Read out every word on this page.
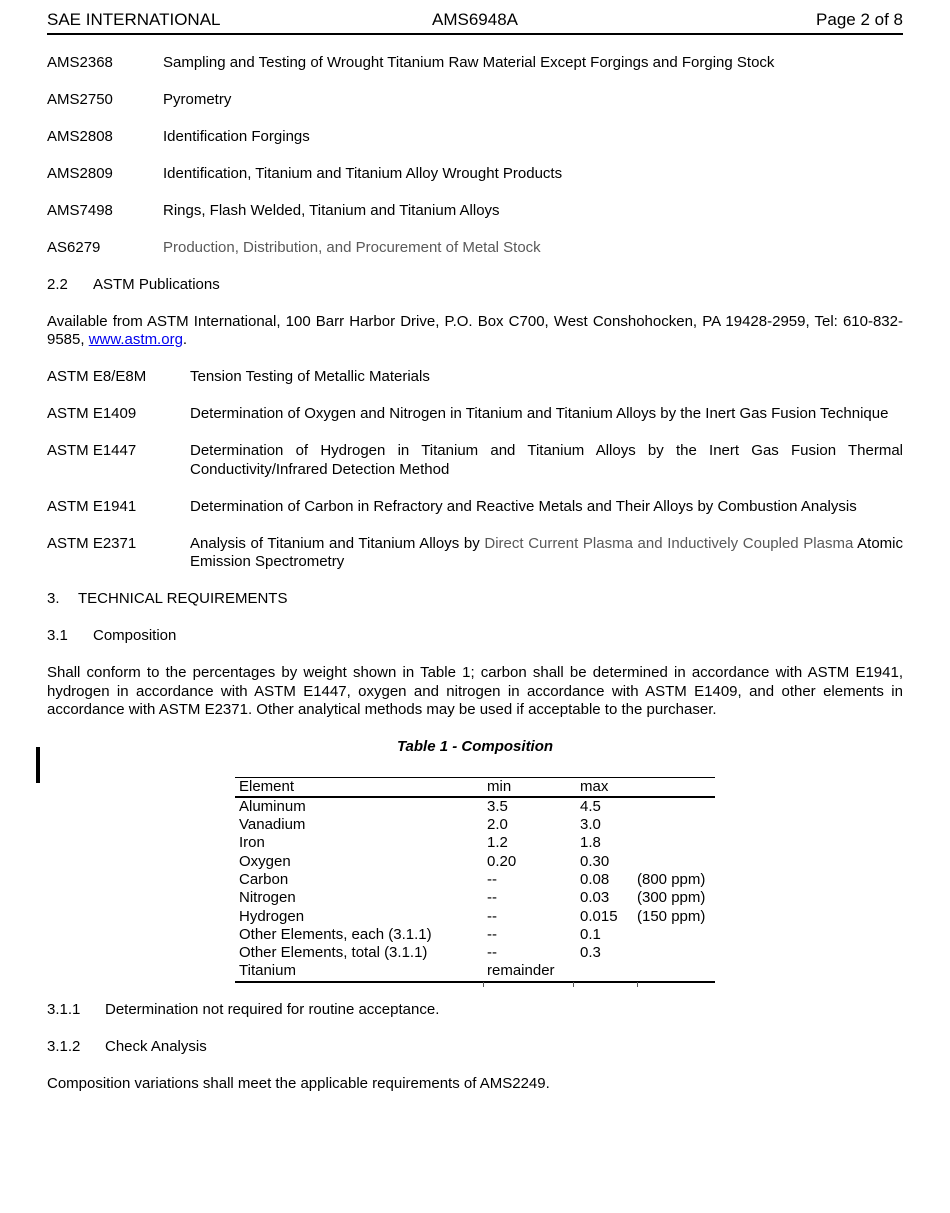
SAE INTERNATIONAL	AMS6948A	Page 2 of 8
AMS2368	Sampling and Testing of Wrought Titanium Raw Material Except Forgings and Forging Stock
AMS2750	Pyrometry
AMS2808	Identification Forgings
AMS2809	Identification, Titanium and Titanium Alloy Wrought Products
AMS7498	Rings, Flash Welded, Titanium and Titanium Alloys
AS6279	Production, Distribution, and Procurement of Metal Stock
2.2 ASTM Publications

Available from ASTM International, 100 Barr Harbor Drive, P.O. Box C700, West Conshohocken, PA 19428-2959, Tel: 610-832-9585, www.astm.org.

ASTM E8/E8M	Tension Testing of Metallic Materials
ASTM E1409	Determination of Oxygen and Nitrogen in Titanium and Titanium Alloys by the Inert Gas Fusion Technique
ASTM E1447	Determination of Hydrogen in Titanium and Titanium Alloys by the Inert Gas Fusion Thermal Conductivity/Infrared Detection Method
ASTM E1941	Determination of Carbon in Refractory and Reactive Metals and Their Alloys by Combustion Analysis
ASTM E2371	Analysis of Titanium and Titanium Alloys by Direct Current Plasma and Inductively Coupled Plasma Atomic Emission Spectrometry
3. TECHNICAL REQUIREMENTS
3.1 Composition

Shall conform to the percentages by weight shown in Table 1; carbon shall be determined in accordance with ASTM E1941, hydrogen in accordance with ASTM E1447, oxygen and nitrogen in accordance with ASTM E1409, and other elements in accordance with ASTM E2371. Other analytical methods may be used if acceptable to the purchaser.

Table 1 - Composition
Element	min	max	
Aluminum	3.5	4.5	
Vanadium	2.0	3.0	
Iron	1.2	1.8	
Oxygen	0.20	0.30	
Carbon	--	0.08	(800 ppm)
Nitrogen	--	0.03	(300 ppm)
Hydrogen	--	0.015	(150 ppm)
Other Elements, each (3.1.1)	--	0.1	
Other Elements, total (3.1.1)	--	0.3	
Titanium	remainder		
3.1.1 Determination not required for routine acceptance.
3.1.2 Check Analysis

Composition variations shall meet the applicable requirements of AMS2249.
